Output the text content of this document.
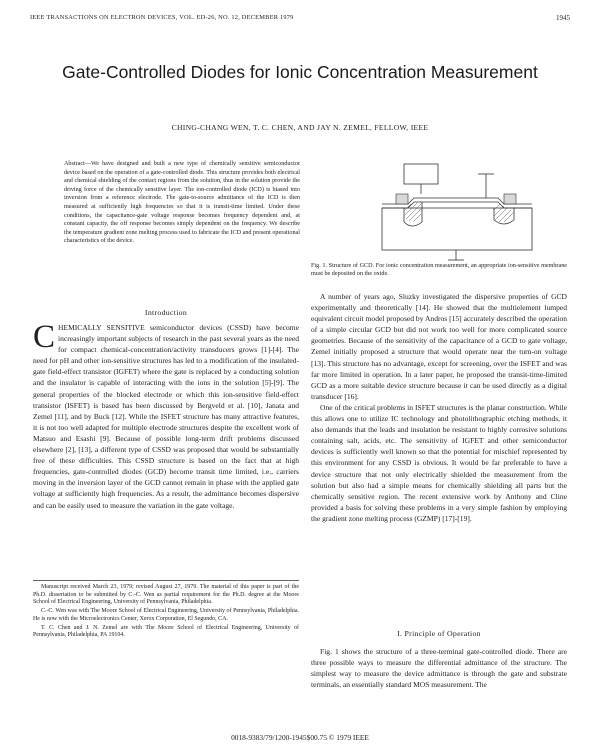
IEEE TRANSACTIONS ON ELECTRON DEVICES, VOL. ED-26, NO. 12, DECEMBER 1979	1945
Gate-Controlled Diodes for Ionic Concentration Measurement
CHING-CHANG WEN, T. C. CHEN, AND JAY N. ZEMEL, FELLOW, IEEE
Abstract—We have designed and built a new type of chemically sensitive semiconductor device based on the operation of a gate-controlled diode. This structure provides both electrical and chemical shielding of the contact regions from the solution, thus in the solution provide the driving force of the chemically sensitive layer. The ion-controlled diode (ICD) is biased into inversion from a reference electrode. The gate-to-source admittance of the ICD is then measured at sufficiently high frequencies so that it is transit-time limited. Under these conditions, the capacitance-gate voltage response becomes frequency dependent and, at constant capacity, the off response becomes simply dependent on the frequency. We describe the temperature gradient zone melting process used to fabricate the ICD and present operational characteristics of the device.
Fig. 1. Structure of GCD. For ionic concentration measurement, an appropriate ion-sensitive membrane must be deposited on the oxide.
Introduction
CHEMICALLY SENSITIVE semiconductor devices (CSSD) have become increasingly important subjects of research in the past several years as the need for compact chemical-concentration/activity transducers grows [1]-[4]. The need for pH and other ion-sensitive structures has led to a modification of the insulated-gate field-effect transistor (IGFET) where the gate is replaced by a conducting solution and the insulator is capable of interacting with the ions in the solution [5]-[9]. The general properties of the blocked electrode or which this ion-sensitive field-effect transistor (ISFET) is based has been discussed by Bergveld et al. [10], Janata and Zemel [11], and by Buck [12]. While the ISFET structure has many attractive features, it is not too well adapted for multiple electrode structures despite the excellent work of Matsuo and Esashi [9]. Because of possible long-term drift problems discussed elsewhere [2], [13], a different type of CSSD was proposed that would be substantially free of these difficulties. This CSSD structure is based on the fact that at high frequencies, gate-controlled diodes (GCD) become transit time limited, i.e., carriers moving in the inversion layer of the GCD cannot remain in phase with the applied gate voltage at sufficiently high frequencies. As a result, the admittance becomes dispersive and can be easily used to measure the variation in the gate voltage.

Manuscript received March 23, 1979; revised August 27, 1979. The material of this paper is part of the Ph.D. dissertation to be submitted by C.-C. Wen as partial requirement for the Ph.D. degree at the Moore School of Electrical Engineering, University of Pennsylvania, Philadelphia.

C.-C. Wen was with The Moore School of Electrical Engineering, University of Pennsylvania, Philadelphia. He is now with the Microelectronics Center, Xerox Corporation, El Segundo, CA.

T. C. Chen and J. N. Zemel are with The Moore School of Electrical Engineering, University of Pennsylvania, Philadelphia, PA 19104.

A number of years ago, Sluzky investigated the dispersive properties of GCD experimentally and theoretically [14]. He showed that the multielement lumped equivalent circuit model proposed by Andros [15] accurately described the operation of a simple circular GCD but did not work too well for more complicated source geometries. Because of the sensitivity of the capacitance of a GCD to gate voltage, Zemel initially proposed a structure that would operate near the turn-on voltage [13]. This structure has no advantage, except for screening, over the ISFET and was far more limited in operation. In a later paper, he proposed the transit-time-limited GCD as a more suitable device structure because it can be used directly as a digital transducer [16].
One of the critical problems in ISFET structures is the planar construction. While this allows one to utilize IC technology and photolithographic etching methods, it also demands that the leads and insulation be resistant to highly corrosive solutions containing salt, acids, etc. The sensitivity of IGFET and other semiconductor devices is sufficiently well known so that the potential for mischief represented by this environment for any CSSD is obvious. It would be far preferable to have a device structure that not only electrically shielded the measurement from the solution but also had a simple means for chemically shielding all parts but the chemically sensitive region. The recent extensive work by Anthony and Cline provided a basis for solving these problems in a very simple fashion by employing the gradient zone melting process (GZMP) [17]-[19].
I. Principle of Operation
Fig. 1 shows the structure of a three-terminal gate-controlled diode. There are three possible ways to measure the differential admittance of the structure. The simplest way to measure the device admittance is through the gate and substrate terminals, an essentially standard MOS measurement. The
0018-9383/79/1200-1945$00.75 © 1979 IEEE
